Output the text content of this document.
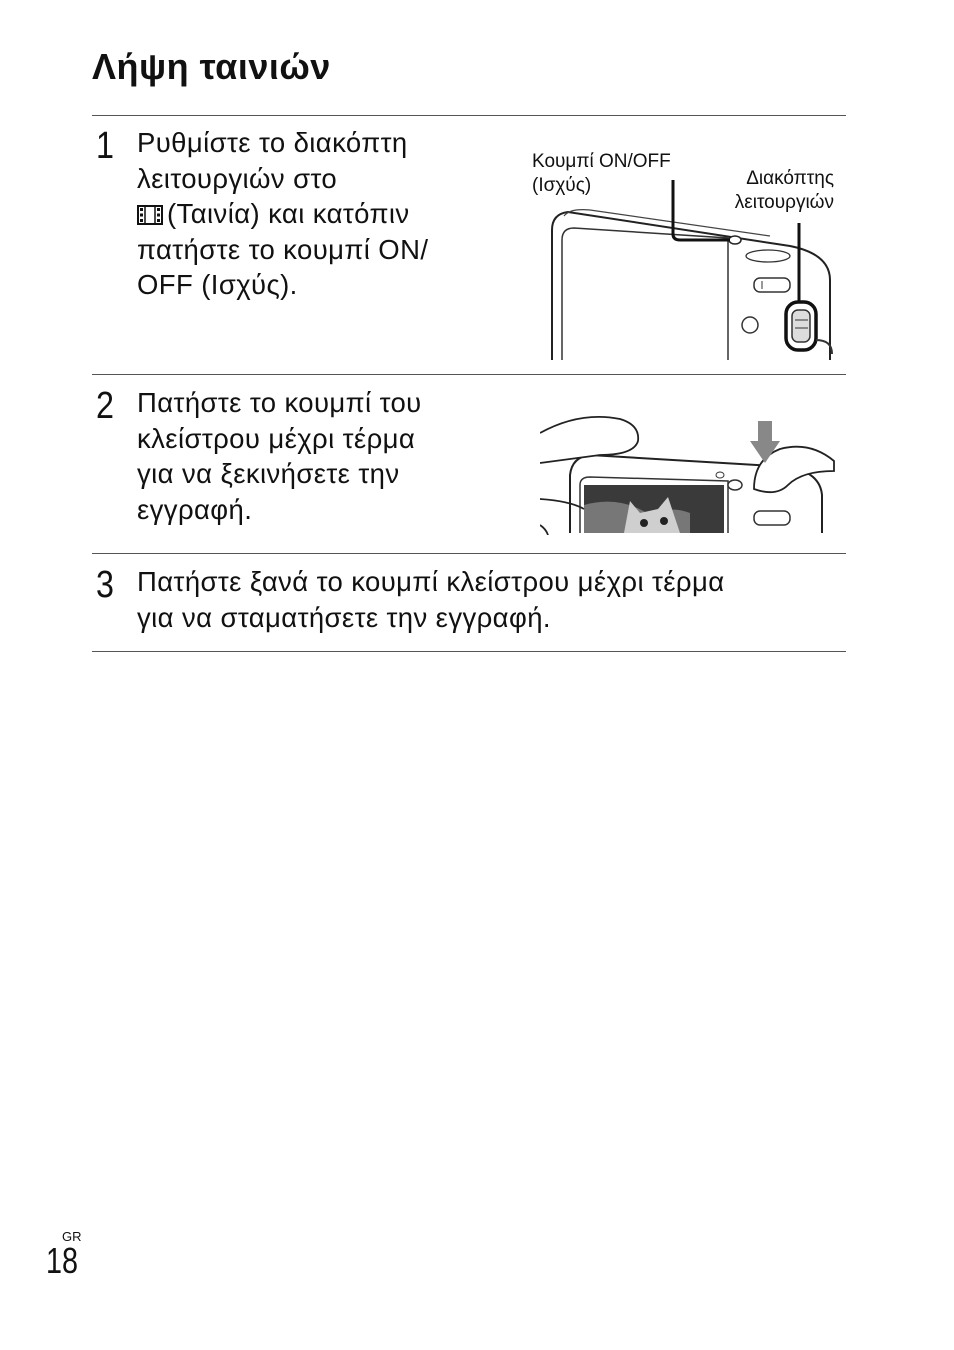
Λήψη ταινιών
1 Ρυθμίστε το διακόπτη

λειτουργιών στο

(Ταινία) και κατόπιν

πατήστε το κουμπί ON/

OFF (Ισχύς).

Κουμπί ON/OFF
(Ισχύς)	Διακόπτης
λειτουργιών
2 Πατήστε το κουμπί του

κλείστρου μέχρι τέρμα

για να ξεκινήσετε την

εγγραφή.

3 Πατήστε ξανά το κουμπί κλείστρου μέχρι τέρμα

για να σταματήσετε την εγγραφή.

GR
18
